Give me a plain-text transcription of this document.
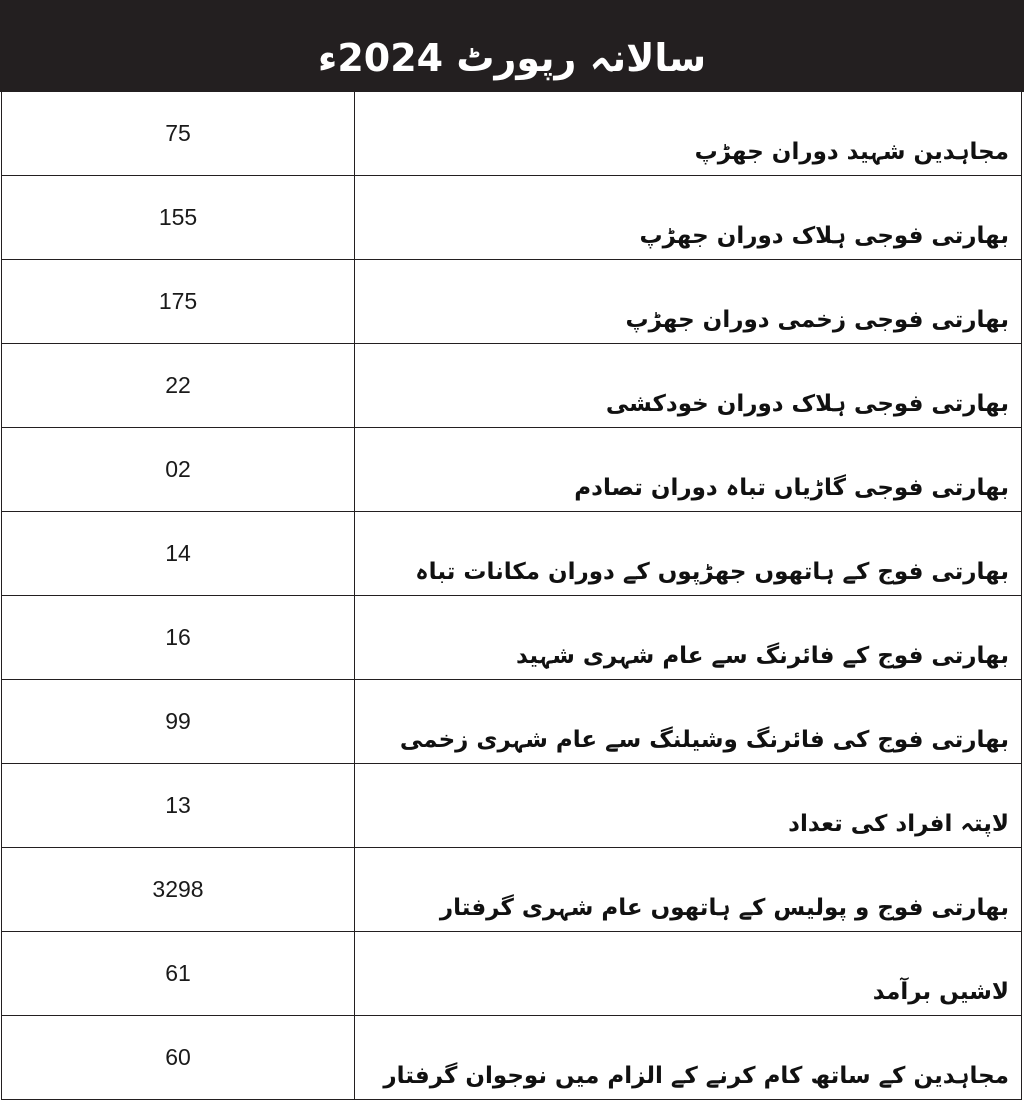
سالانہ رپورٹ 2024ء
75	مجاہدین شہید دوران جھڑپ
155	بھارتی فوجی ہلاک دوران جھڑپ
175	بھارتی فوجی زخمی دوران جھڑپ
22	بھارتی فوجی ہلاک دوران خودکشی
02	بھارتی فوجی گاڑیاں تباہ دوران تصادم
14	بھارتی فوج کے ہاتھوں جھڑپوں کے دوران مکانات تباہ
16	بھارتی فوج کے فائرنگ سے عام شہری شہید
99	بھارتی فوج کی فائرنگ وشیلنگ سے عام شہری زخمی
13	لاپتہ افراد کی تعداد
3298	بھارتی فوج و پولیس کے ہاتھوں عام شہری گرفتار
61	لاشیں برآمد
60	مجاہدین کے ساتھ کام کرنے کے الزام میں نوجوان گرفتار
